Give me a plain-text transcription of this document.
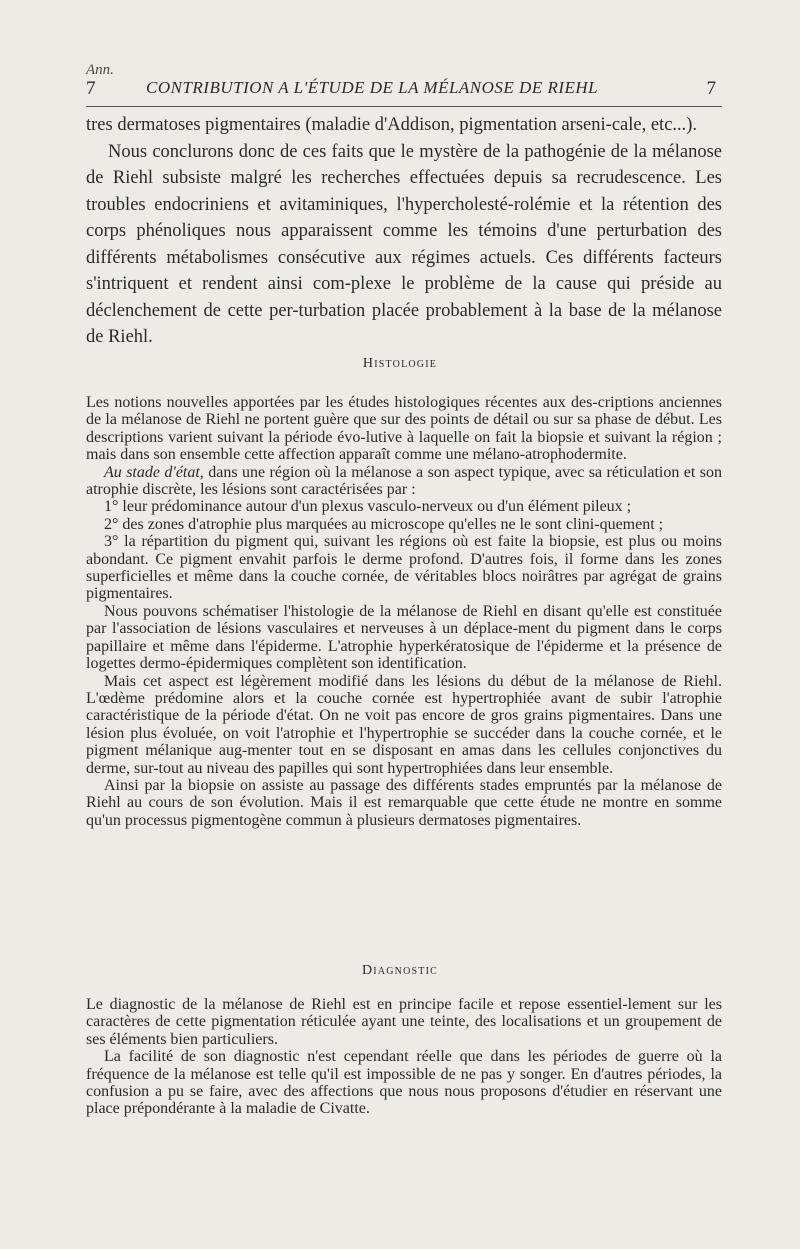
Ann.
7	CONTRIBUTION A L'ÉTUDE DE LA MÉLANOSE DE RIEHL	7

tres dermatoses pigmentaires (maladie d'Addison, pigmentation arseni-cale, etc...).

Nous conclurons donc de ces faits que le mystère de la pathogénie de la mélanose de Riehl subsiste malgré les recherches effectuées depuis sa recrudescence. Les troubles endocriniens et avitaminiques, l'hypercholesté-rolémie et la rétention des corps phénoliques nous apparaissent comme les témoins d'une perturbation des différents métabolismes consécutive aux régimes actuels. Ces différents facteurs s'intriquent et rendent ainsi com-plexe le problème de la cause qui préside au déclenchement de cette per-turbation placée probablement à la base de la mélanose de Riehl.

Histologie

Les notions nouvelles apportées par les études histologiques récentes aux des-criptions anciennes de la mélanose de Riehl ne portent guère que sur des points de détail ou sur sa phase de début. Les descriptions varient suivant la période évo-lutive à laquelle on fait la biopsie et suivant la région ; mais dans son ensemble cette affection apparaît comme une mélano-atrophodermite.

Au stade d'état, dans une région où la mélanose a son aspect typique, avec sa réticulation et son atrophie discrète, les lésions sont caractérisées par :

1° leur prédominance autour d'un plexus vasculo-nerveux ou d'un élément pileux ;

2° des zones d'atrophie plus marquées au microscope qu'elles ne le sont clini-quement ;

3° la répartition du pigment qui, suivant les régions où est faite la biopsie, est plus ou moins abondant. Ce pigment envahit parfois le derme profond. D'autres fois, il forme dans les zones superficielles et même dans la couche cornée, de véritables blocs noirâtres par agrégat de grains pigmentaires.

Nous pouvons schématiser l'histologie de la mélanose de Riehl en disant qu'elle est constituée par l'association de lésions vasculaires et nerveuses à un déplace-ment du pigment dans le corps papillaire et même dans l'épiderme. L'atrophie hyperkératosique de l'épiderme et la présence de logettes dermo-épidermiques complètent son identification.

Mais cet aspect est légèrement modifié dans les lésions du début de la mélanose de Riehl. L'œdème prédomine alors et la couche cornée est hypertrophiée avant de subir l'atrophie caractéristique de la période d'état. On ne voit pas encore de gros grains pigmentaires. Dans une lésion plus évoluée, on voit l'atrophie et l'hypertrophie se succéder dans la couche cornée, et le pigment mélanique aug-menter tout en se disposant en amas dans les cellules conjonctives du derme, sur-tout au niveau des papilles qui sont hypertrophiées dans leur ensemble.

Ainsi par la biopsie on assiste au passage des différents stades empruntés par la mélanose de Riehl au cours de son évolution. Mais il est remarquable que cette étude ne montre en somme qu'un processus pigmentogène commun à plusieurs dermatoses pigmentaires.

Diagnostic

Le diagnostic de la mélanose de Riehl est en principe facile et repose essentiel-lement sur les caractères de cette pigmentation réticulée ayant une teinte, des localisations et un groupement de ses éléments bien particuliers.

La facilité de son diagnostic n'est cependant réelle que dans les périodes de guerre où la fréquence de la mélanose est telle qu'il est impossible de ne pas y songer. En d'autres périodes, la confusion a pu se faire, avec des affections que nous nous proposons d'étudier en réservant une place prépondérante à la maladie de Civatte.
